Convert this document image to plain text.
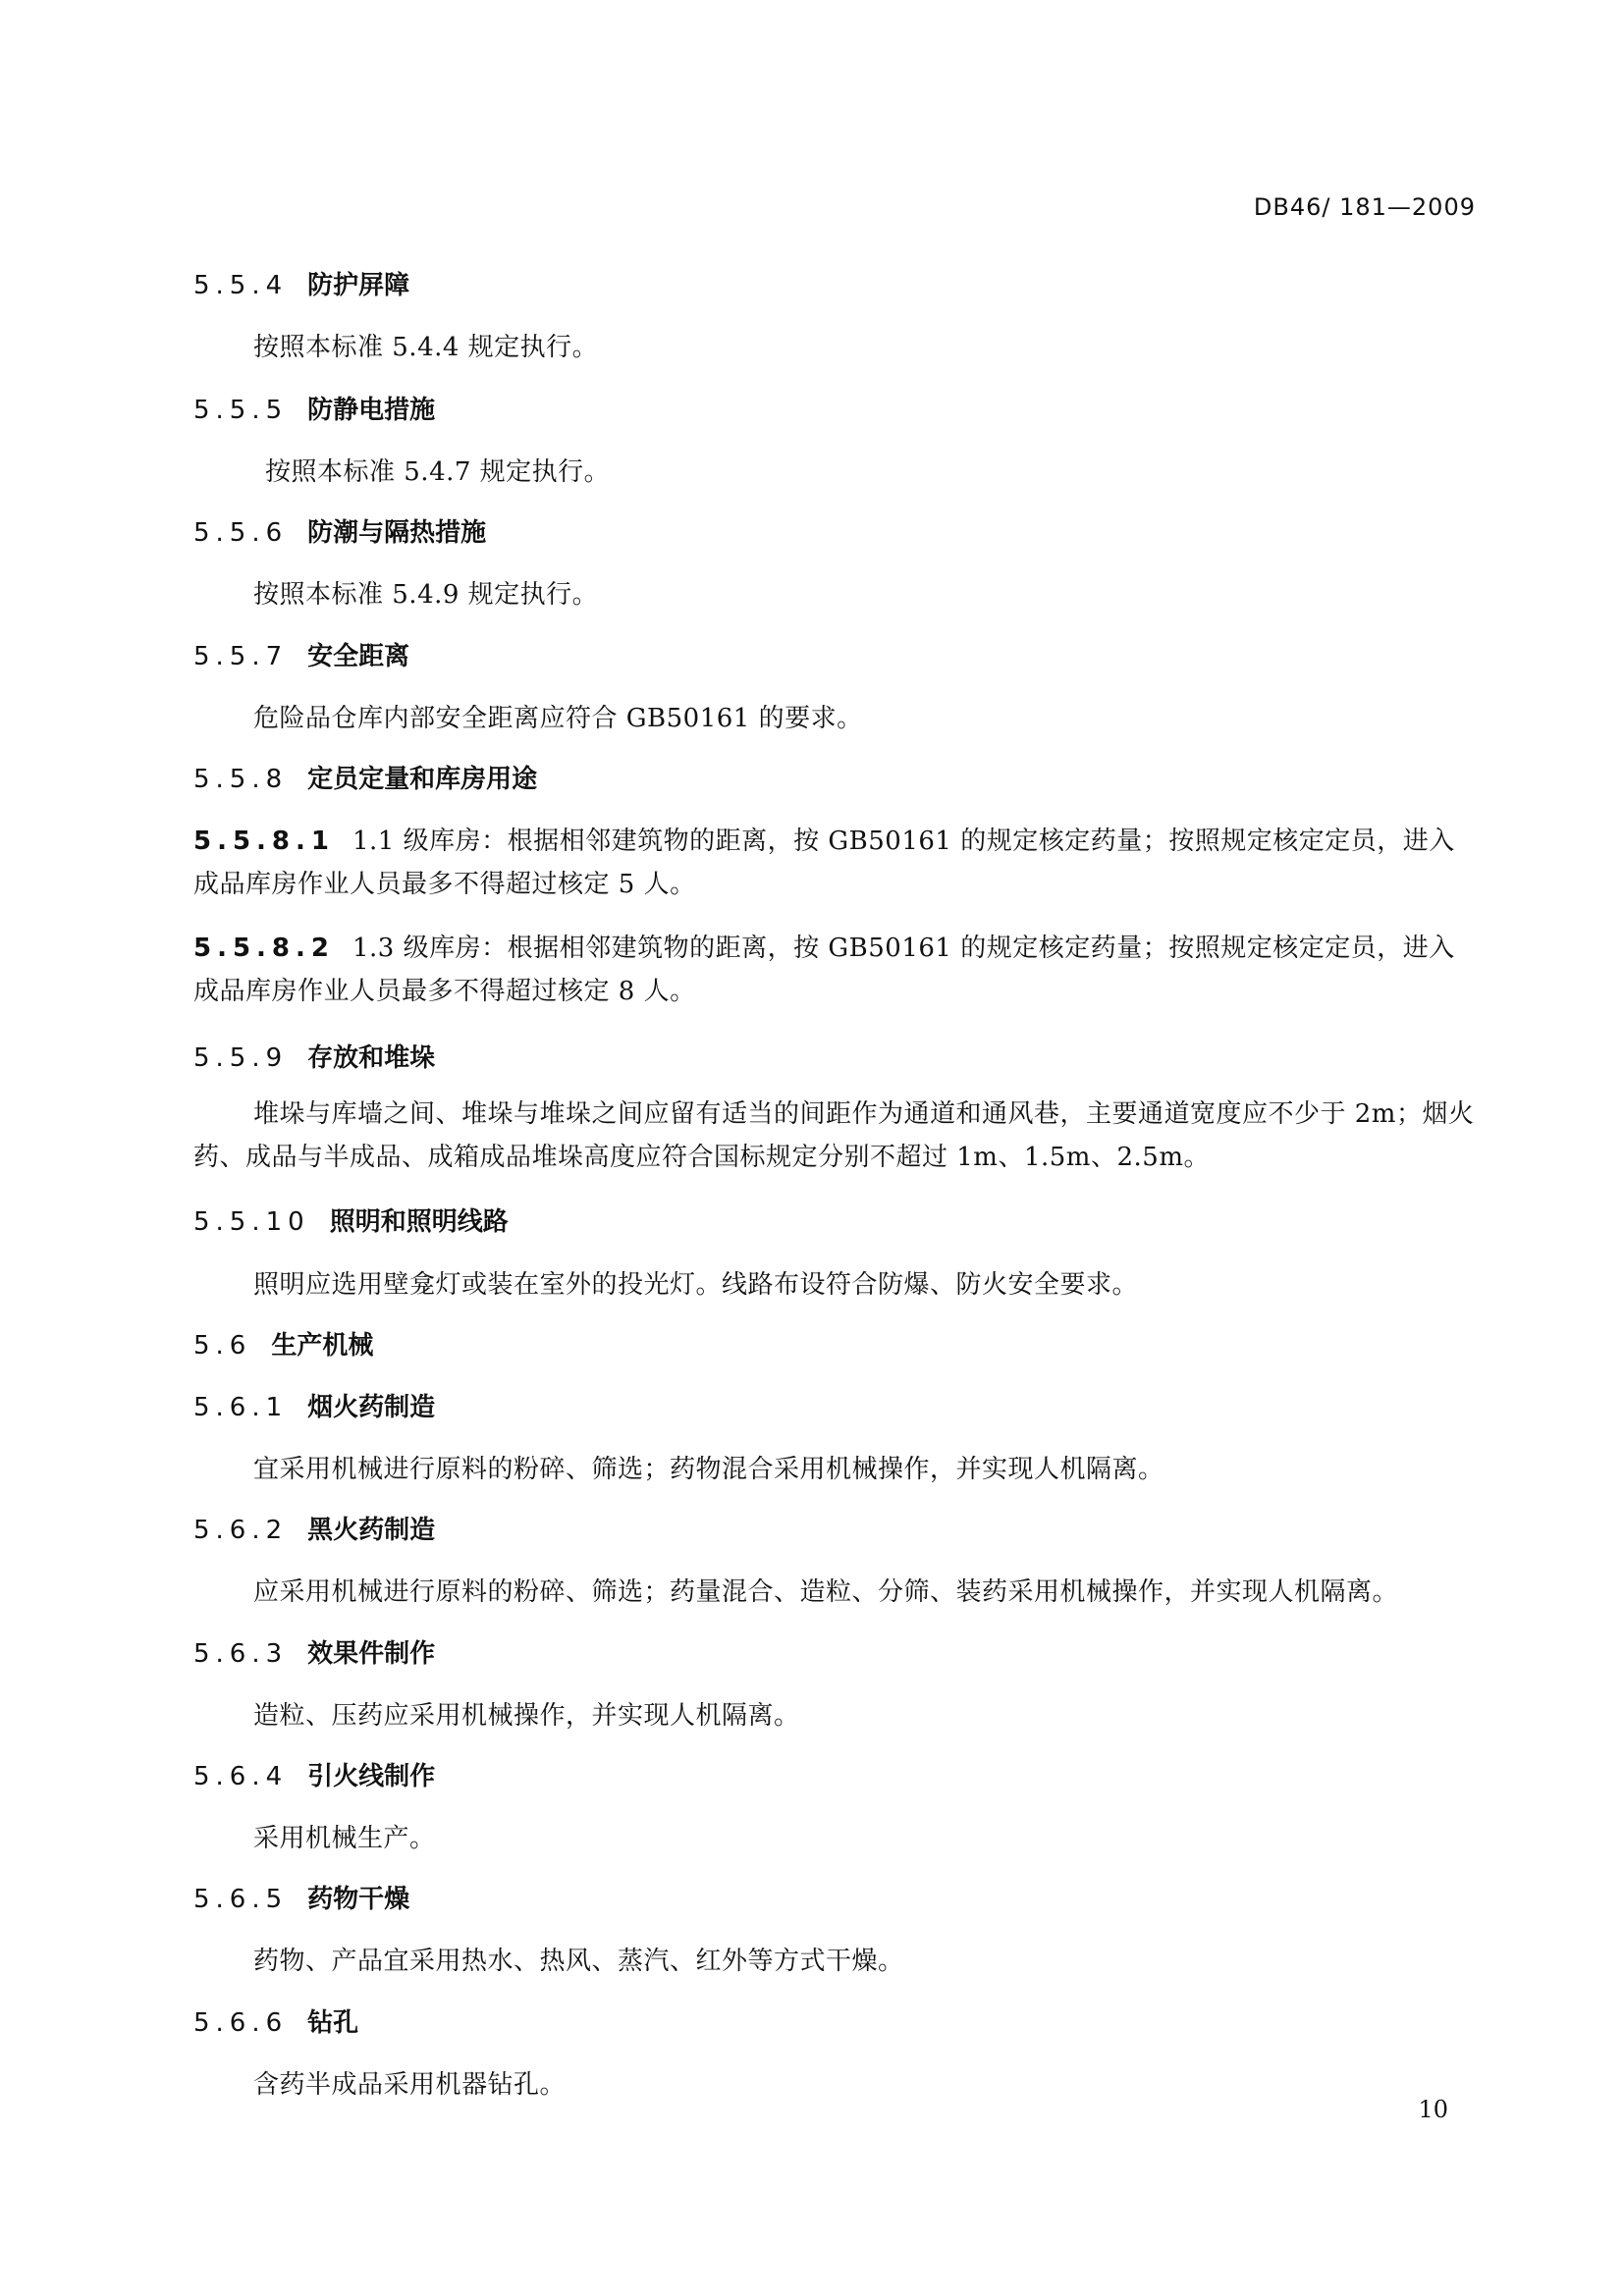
DB46/ 181—2009
5.5.4 防护屏障
按照本标准 5.4.4 规定执行。
5.5.5 防静电措施
按照本标准 5.4.7 规定执行。
5.5.6 防潮与隔热措施
按照本标准 5.4.9 规定执行。
5.5.7 安全距离
危险品仓库内部安全距离应符合 GB50161 的要求。
5.5.8 定员定量和库房用途
5.5.8.1 1.1 级库房：根据相邻建筑物的距离，按 GB50161 的规定核定药量；按照规定核定定员，进入成品库房作业人员最多不得超过核定 5 人。
5.5.8.2 1.3 级库房：根据相邻建筑物的距离，按 GB50161 的规定核定药量；按照规定核定定员，进入成品库房作业人员最多不得超过核定 8 人。
5.5.9 存放和堆垛
堆垛与库墙之间、堆垛与堆垛之间应留有适当的间距作为通道和通风巷，主要通道宽度应不少于 2m；烟火药、成品与半成品、成箱成品堆垛高度应符合国标规定分别不超过 1m、1.5m、2.5m。
5.5.10 照明和照明线路
照明应选用壁龛灯或装在室外的投光灯。线路布设符合防爆、防火安全要求。
5.6 生产机械
5.6.1 烟火药制造
宜采用机械进行原料的粉碎、筛选；药物混合采用机械操作，并实现人机隔离。
5.6.2 黑火药制造
应采用机械进行原料的粉碎、筛选；药量混合、造粒、分筛、装药采用机械操作，并实现人机隔离。
5.6.3 效果件制作
造粒、压药应采用机械操作，并实现人机隔离。
5.6.4 引火线制作
采用机械生产。
5.6.5 药物干燥
药物、产品宜采用热水、热风、蒸汽、红外等方式干燥。
5.6.6 钻孔
含药半成品采用机器钻孔。
10
